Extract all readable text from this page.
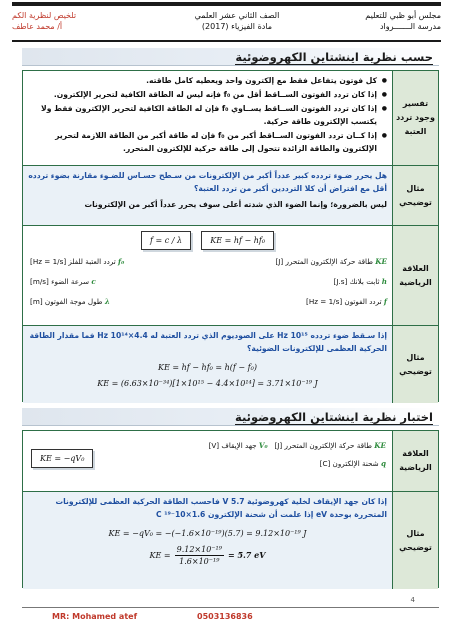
مجلس أبو ظبي للتعليم
مدرسة الـــــــرواد
الصف الثاني عشر العلمي
مادة الفيزياء (2017)
تلخيص لنظرية الكم
أ/ محمد عاطف
حسب نظرية اينشتاين الكهروضوئية
تفسير وجود تردد العتبة
● كل فوتون يتفاعل فقط مع إلكترون واحد ويعطيه كامل طاقته.
● إذا كان تردد الفوتون الســاقط أقل من f₀ فإنه ليس له الطاقة الكافية لتحرير الإلكترون.
● إذا كان تردد الفوتون الســاقط يســاوي f₀ فإن له الطاقة الكافية لتحرير الإلكترون فقط ولا يكتسب الإلكترون طاقة حركية.
● إذا كــان تردد الفوتون الســاقط أكبر من f₀ فإن له طاقة أكبر من الطاقة اللازمة لتحرير الإلكترون والطاقة الزائدة تتحول إلى طاقة حركية للإلكترون المتحرر.
مثال توضيحي
هل يحرر ضـوء تردده كبير عدداً أكبر من الإلكترونات من سـطح حسـاس للضـوء مقارنة بضوء تردده أقل مع افتراض أن كلا الترددين أكبر من تردد العتبة؟
ليس بالضرورة؛ وإنما الضوء الذي شدته أعلى سوف يحرر عدداً أكبر من الإلكترونات
العلاقة الرياضية
f = c / λ	KE = hf − hf₀
KE طاقة حركة الإلكترون المتحرر [J]
f₀ تردد العتبة للفلز [Hz = 1/s]
h ثابت بلانك [J.s]
c سرعة الضوء [m/s]
f تردد الفوتون [Hz = 1/s]
λ طول موجة الفوتون [m]
مثال توضيحي
إذا سـقط ضوء تردده 10¹⁵ Hz على الصوديوم الذي تردد العتبة له 4.4×10¹⁴ Hz فما مقدار الطاقة الحركية العظمى للإلكترونات الضوئية؟
KE = hf − hf₀ = h(f − f₀)
KE = (6.63×10⁻³⁴)[1×10¹⁵ − 4.4×10¹⁴] = 3.71×10⁻¹⁹ J
اختبار نظرية اينشتاين الكهروضوئية
العلاقة الرياضية
KE = −qV₀
KE طاقة حركة الإلكترون المتحرر [J]   V₀ جهد الإيقاف [V]
q شحنة الإلكترون [C]
مثال توضيحي
إذا كان جهد الإيقاف لخلية كهروضوئية 5.7 V فاحسب الطاقة الحركية العظمى للإلكترونات المتحررة بوحدة eV إذا علمت أن شحنة الإلكترون 1.6×10⁻¹⁹ C
KE = −qV₀ = −(−1.6×10⁻¹⁹)(5.7) = 9.12×10⁻¹⁹ J
KE = $\frac{\text{9.12×10⁻¹⁹}}{\text{1.6×10⁻¹⁹}} = 5.7$ eV
4
MR: Mohamed atef	0503136836
